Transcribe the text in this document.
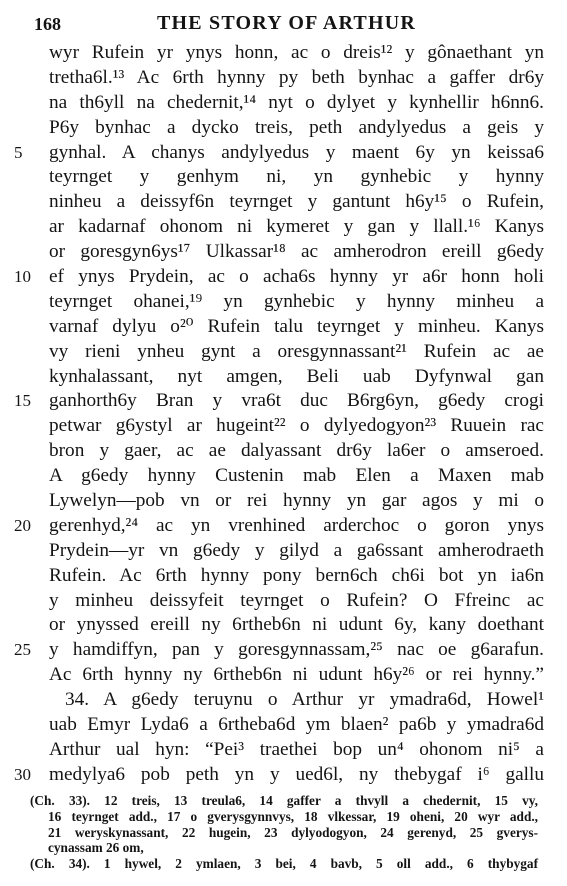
168	THE STORY OF ARTHUR
wyr Rufein yr ynys honn, ac o dreis¹² y gônaethant yn
tretha6l.¹³ Ac 6rth hynny py beth bynhac a gaffer dr6y
na th6yll na chedernit,¹⁴ nyt o dylyet y kynhellir h6nn6.
P6y bynhac a dycko treis, peth andylyedus a geis y
5	gynhal. A chanys andylyedus y maent 6y yn keissa6
teyrnget y genhym ni, yn gynhebic y hynny
ninheu a deissyf6n teyrnget y gantunt h6y¹⁵ o Rufein,
ar kadarnaf ohonom ni kymeret y gan y llall.¹⁶ Kanys
or goresgyn6ys¹⁷ Ulkassar¹⁸ ac amherodron ereill g6edy
10 ef ynys Prydein, ac o acha6s hynny yr a6r honn holi
teyrnget ohanei,¹⁹ yn gynhebic y hynny minheu a
varnaf dylyu o²⁰ Rufein talu teyrnget y minheu. Kanys
vy rieni ynheu gynt a oresgynnassant²¹ Rufein ac ae
kynhalassant, nyt amgen, Beli uab Dyfynwal gan
15 ganhorth6y Bran y vra6t duc B6rg6yn, g6edy crogi
petwar g6ystyl ar hugeint²² o dylyedogyon²³ Ruuein rac
bron y gaer, ac ae dalyassant dr6y la6er o amseroed.
A g6edy hynny Custenin mab Elen a Maxen mab
Lywelyn—pob vn or rei hynny yn gar agos y mi o
20 gerenhyd,²⁴ ac yn vrenhined arderchoc o goron ynys
Prydein—yr vn g6edy y gilyd a ga6ssant amherodraeth
Rufein. Ac 6rth hynny pony bern6ch ch6i bot yn ia6n
y minheu deissyfeit teyrnget o Rufein? O Ffreinc ac
or ynyssed ereill ny 6rtheb6n ni udunt 6y, kany doethant
25 y hamdiffyn, pan y goresgynnassam,²⁵ nac oe g6arafun.
Ac 6rth hynny ny 6rtheb6n ni udunt h6y²⁶ or rei hynny.”
34. A g6edy teruynu o Arthur yr ymadra6d, Howel¹
uab Emyr Lyda6 a 6rtheba6d ym blaen² pa6b y ymadra6d
Arthur ual hyn: “Pei³ traethei bop un⁴ ohonom ni⁵ a
30 medylya6 pob peth yn y ued6l, ny thebygaf i⁶ gallu
(Ch. 33). 12 treis, 13 treula6, 14 gaffer a thvyll a chedernit, 15 vy,
16 teyrnget add., 17 o gverysgynnvys, 18 vlkessar, 19 oheni, 20 wyr add.,
21 weryskynassant, 22 hugein, 23 dylyodogyon, 24 gerenyd, 25 gverys-
cynassam 26 om,
(Ch. 34). 1 hywel, 2 ymlaen, 3 bei, 4 bavb, 5 oll add., 6 thybygaf
